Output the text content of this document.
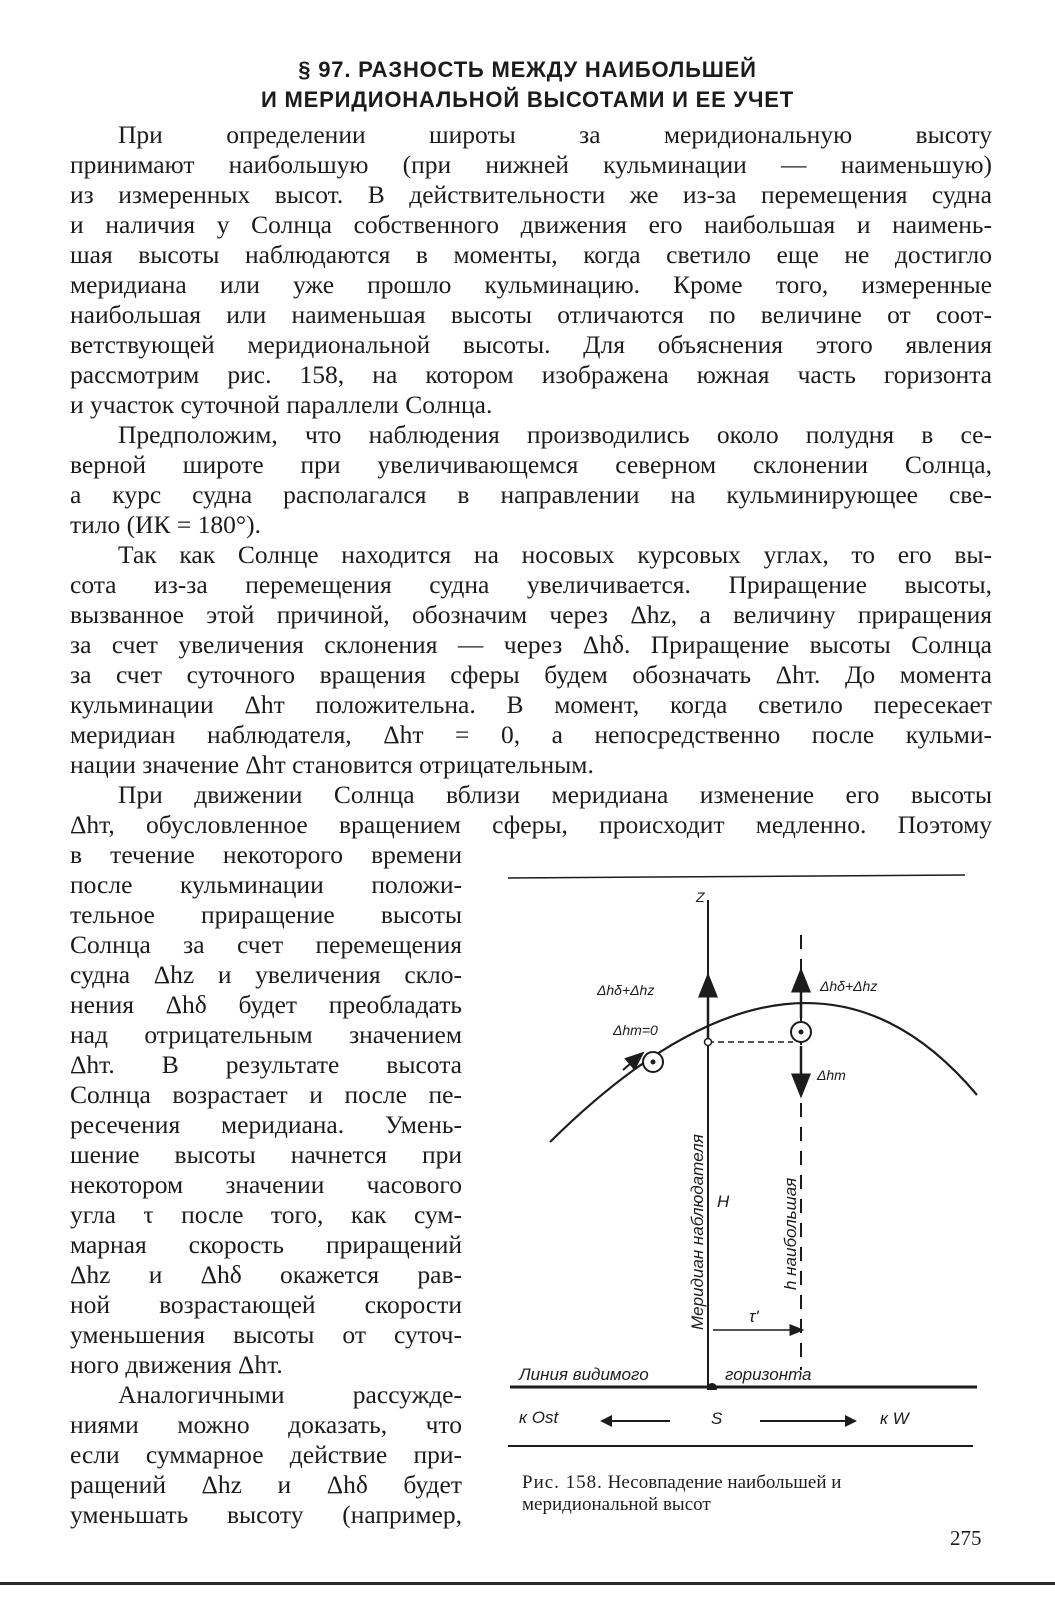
§ 97. РАЗНОСТЬ МЕЖДУ НАИБОЛЬШЕЙ
И МЕРИДИОНАЛЬНОЙ ВЫСОТАМИ И ЕЕ УЧЕТ
При определении широты за меридиональную высоту
принимают наибольшую (при нижней кульминации — наименьшую)
из измеренных высот. В действительности же из-за перемещения судна
и наличия у Солнца собственного движения его наибольшая и наимень-
шая высоты наблюдаются в моменты, когда светило еще не достигло
меридиана или уже прошло кульминацию. Кроме того, измеренные
наибольшая или наименьшая высоты отличаются по величине от соот-
ветствующей меридиональной высоты. Для объяснения этого явления
рассмотрим рис. 158, на котором изображена южная часть горизонта
и участок суточной параллели Солнца.
Предположим, что наблюдения производились около полудня в се-
верной широте при увеличивающемся северном склонении Солнца,
а курс судна располагался в направлении на кульминирующее све-
тило (ИК = 180°).
Так как Солнце находится на носовых курсовых углах, то его вы-
сота из-за перемещения судна увеличивается. Приращение высоты,
вызванное этой причиной, обозначим через Δhz, а величину приращения
за счет увеличения склонения — через Δhδ. Приращение высоты Солнца
за счет суточного вращения сферы будем обозначать Δhт. До момента
кульминации Δhт положительна. В момент, когда светило пересекает
меридиан наблюдателя, Δhт = 0, а непосредственно после кульми-
нации значение Δhт становится отрицательным.
При движении Солнца вблизи меридиана изменение его высоты
Δhт, обусловленное вращением сферы, происходит медленно. Поэтому
в течение некоторого времени
после кульминации положи-
тельное приращение высоты
Солнца за счет перемещения
судна Δhz и увеличения скло-
нения Δhδ будет преобладать
над отрицательным значением
Δhт. В результате высота
Солнца возрастает и после пе-
ресечения меридиана. Умень-
шение высоты начнется при
некотором значении часового
угла τ после того, как сум-
марная скорость приращений
Δhz и Δhδ окажется рав-
ной возрастающей скорости
уменьшения высоты от суточ-
ного движения Δhт.
Аналогичными рассужде-
ниями можно доказать, что
если суммарное действие при-
ращений Δhz и Δhδ будет
уменьшать высоту (например,
Z
Δhδ+Δhz	Δhδ+Δhz
Δhт=0
Δhт
Меридиан наблюдателя H	h наибольшая
τ'
Линия видимого	горизонта
к Ost	S	к W
Рис. 158. Несовпадение наибольшей и меридиональной высот
275
